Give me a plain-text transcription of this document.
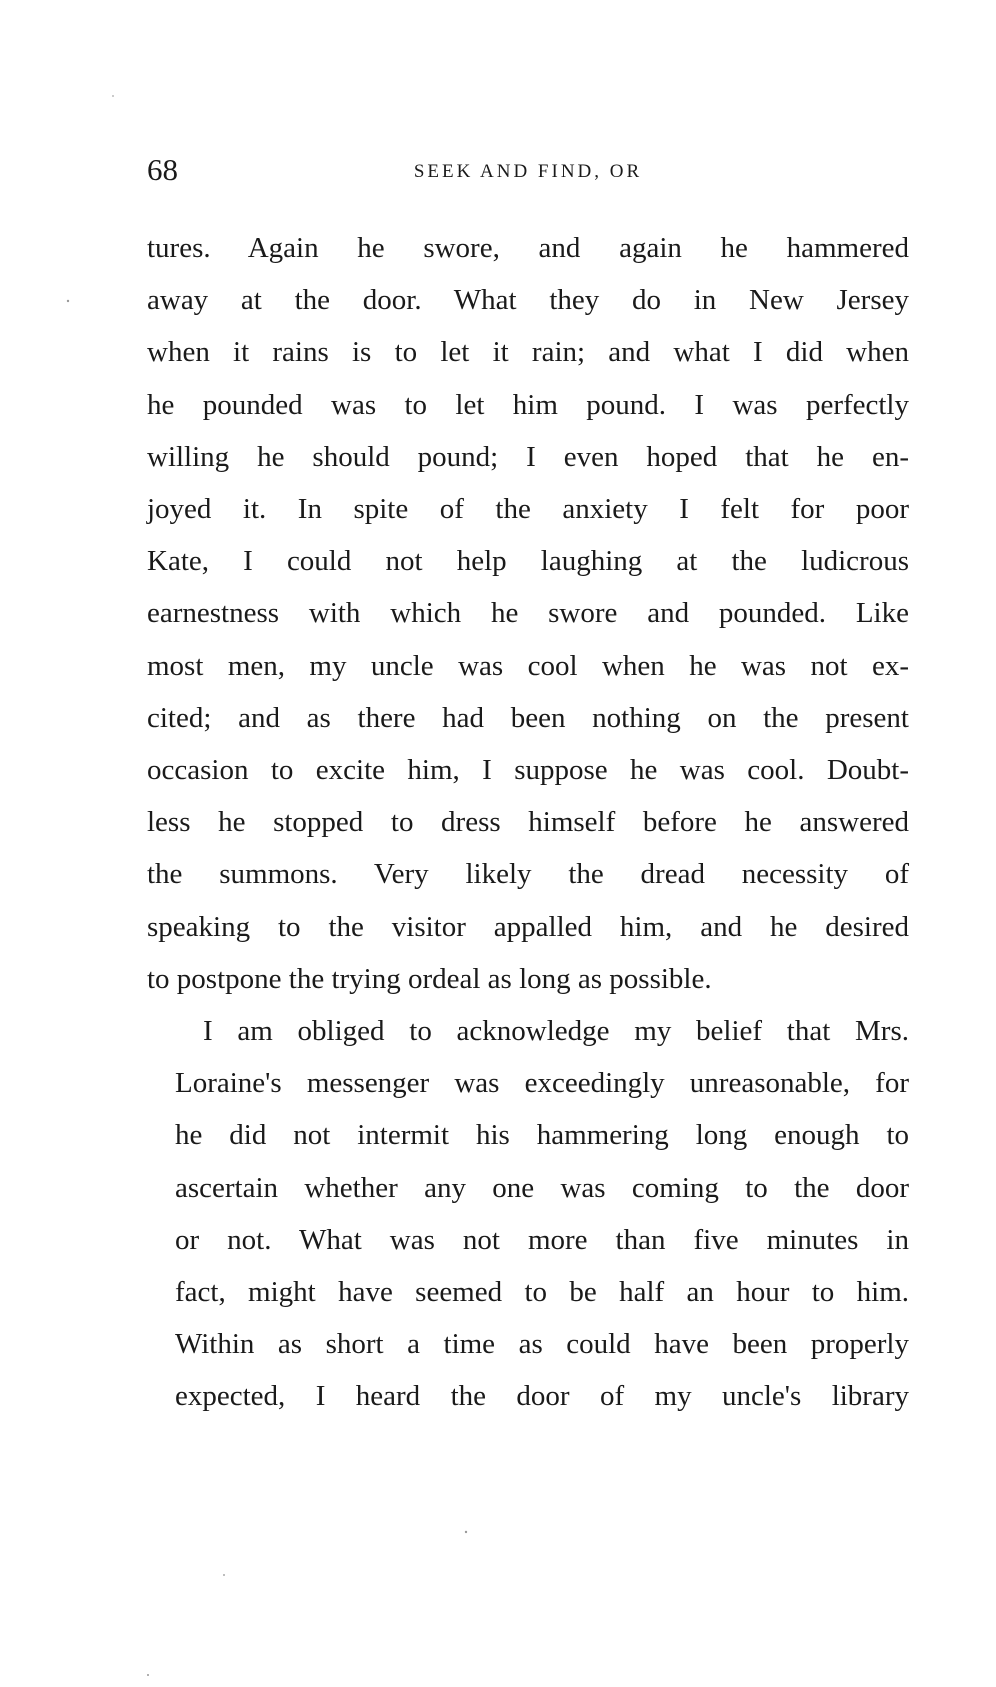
68	SEEK AND FIND, OR
tures. Again he swore, and again he hammered
away at the door. What they do in New Jersey
when it rains is to let it rain; and what I did when
he pounded was to let him pound. I was perfectly
willing he should pound; I even hoped that he en-
joyed it. In spite of the anxiety I felt for poor
Kate, I could not help laughing at the ludicrous
earnestness with which he swore and pounded. Like
most men, my uncle was cool when he was not ex-
cited; and as there had been nothing on the present
occasion to excite him, I suppose he was cool. Doubt-
less he stopped to dress himself before he answered
the summons. Very likely the dread necessity of
speaking to the visitor appalled him, and he desired
to postpone the trying ordeal as long as possible.
I am obliged to acknowledge my belief that Mrs.
Loraine's messenger was exceedingly unreasonable, for
he did not intermit his hammering long enough to
ascertain whether any one was coming to the door
or not. What was not more than five minutes in
fact, might have seemed to be half an hour to him.
Within as short a time as could have been properly
expected, I heard the door of my uncle's library
